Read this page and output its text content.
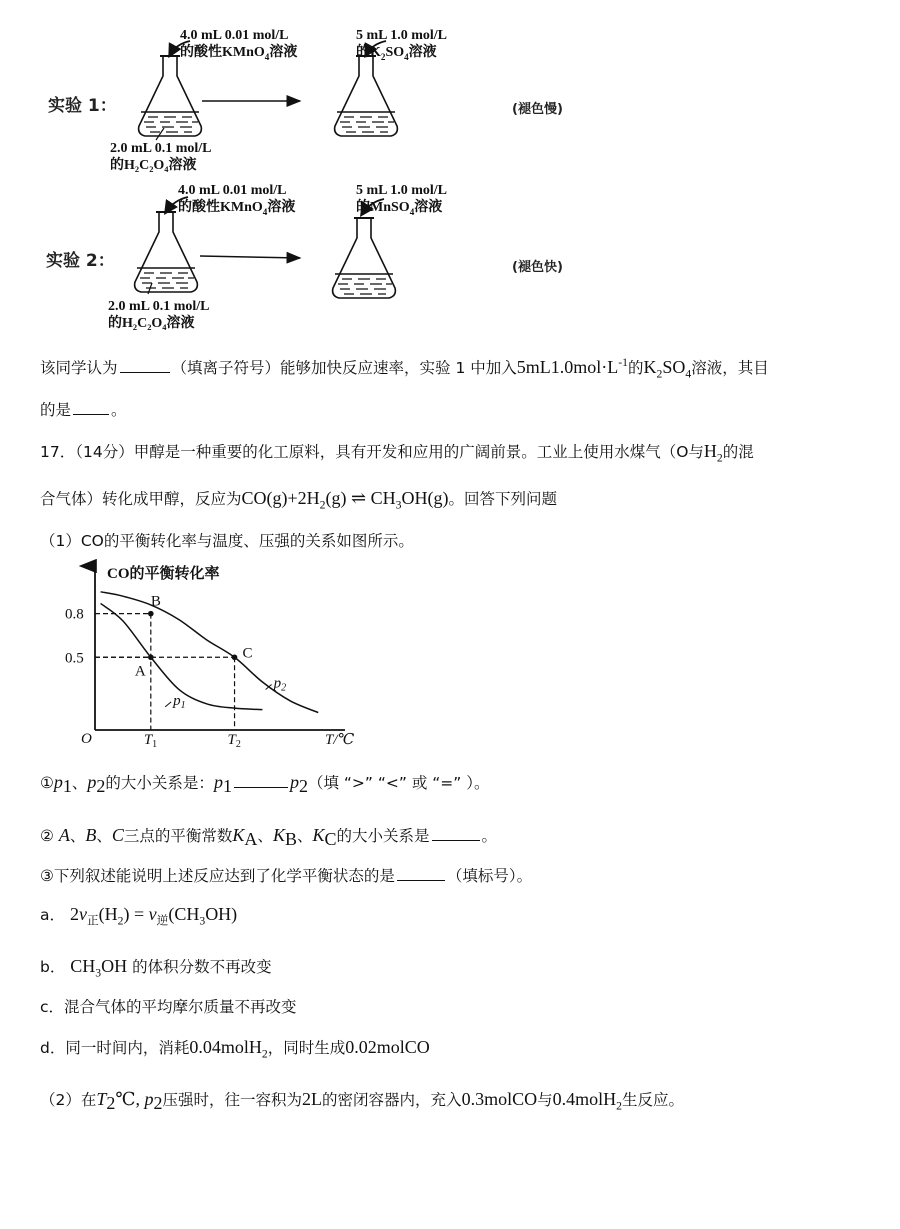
实验 1：
4.0 mL 0.01 mol/L
的酸性KMnO$_4$溶液
5 mL 1.0 mol/L
的$K_2SO_4$溶液
2.0 mL 0.1 mol/L
的H₂C₂O₄溶液
(褪色慢)
实验 2：
4.0 mL 0.01 mol/L
的酸性KMnO$_4$溶液
5 mL 1.0 mol/L
的MnSO$_4$溶液
2.0 mL 0.1 mol/L
的H₂C₂O₄溶液
(褪色快)
该同学认为	（填离子符号）能够加快反应速率，实验 1 中加入$5mL1.0mol\cdot L^{-1}$的$K_2SO_4$溶液，其目
的是	。
17．（14分）甲醇是一种重要的化工原料，具有开发和应用的广阔前景。工业上使用水煤气（O与$H_2$的混
合气体）转化成甲醇，反应为$CO(g)+2H_2(g)$ ⇌ $CH_3OH(g)$。回答下列问题
（1）CO的平衡转化率与温度、压强的关系如图所示。
CO的平衡转化率
O	T/℃
0.5
0.8
$T_1$	$T_2$
$p_1$
$p_2$
A
B
C
$①p_1$、$p_2$的大小关系是：$p_1$	$p_2$（填 “>” “<” 或 “=” ）。
② A、B、C三点的平衡常数$K_A$、$K_B$、$K_C$的大小关系是	。
③下列叙述能说明上述反应达到了化学平衡状态的是	（填标号）。
a． $2v_正(H_2) = v_逆(CH_3OH)$
b． $CH_3OH$ 的体积分数不再改变
c．混合气体的平均摩尔质量不再改变
d．同一时间内，消耗0.04molH$_2$，同时生成0.02molCO
（2）在$T_2℃$, $p_2$压强时，往一容积为2L的密闭容器内，充入0.3molCO与0.4molH$_2$生反应。
